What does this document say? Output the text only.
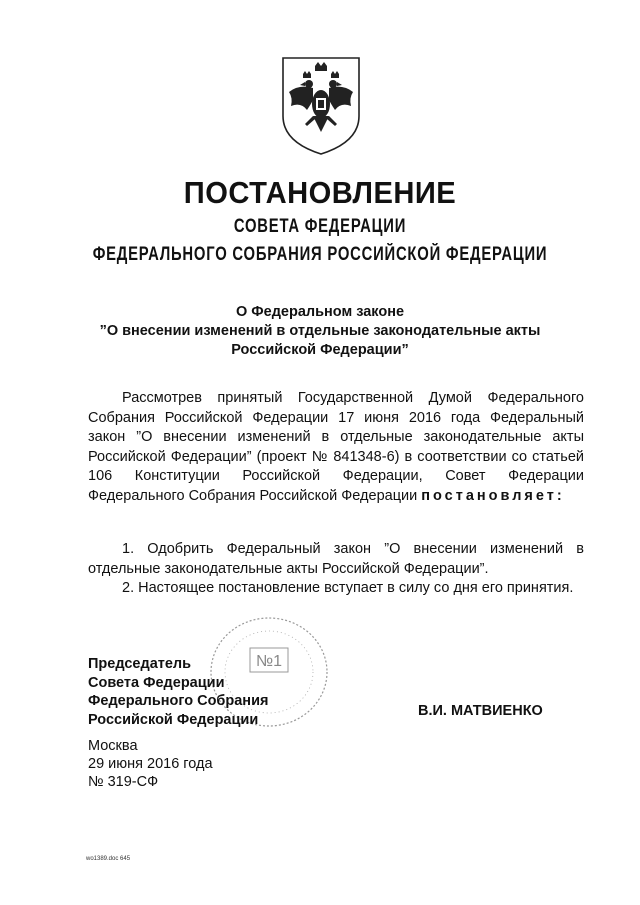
ПОСТАНОВЛЕНИЕ
СОВЕТА ФЕДЕРАЦИИ
ФЕДЕРАЛЬНОГО СОБРАНИЯ РОССИЙСКОЙ ФЕДЕРАЦИИ
О Федеральном законе
”О внесении изменений в отдельные законодательные акты
Российской Федерации”
Рассмотрев принятый Государственной Думой Федерального Собрания Российской Федерации 17 июня 2016 года Федеральный закон ”О внесении изменений в отдельные законодательные акты Российской Федерации” (проект № 841348-6) в соответствии со статьей 106 Конституции Российской Федерации, Совет Федерации Федерального Собрания Российской Федерации постановляет:
1. Одобрить Федеральный закон ”О внесении изменений в отдельные законодательные акты Российской Федерации”.
2. Настоящее постановление вступает в силу со дня его принятия.
№1
Председатель
Совета Федерации
Федерального Собрания
Российской Федерации
В.И. МАТВИЕНКО
Москва
29 июня 2016 года
№ 319-СФ
wo1389.doc 645
